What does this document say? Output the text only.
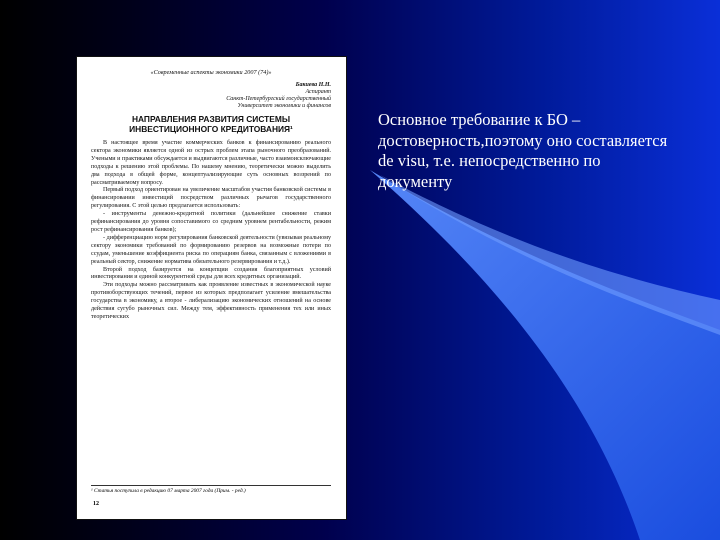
«Современные аспекты экономики 2007 (74)»
Бакиева Н.Н.
Аспирант
Санкт-Петербургский государственный
Университет экономики и финансов
НАПРАВЛЕНИЯ РАЗВИТИЯ СИСТЕМЫ
ИНВЕСТИЦИОННОГО КРЕДИТОВАНИЯ¹

В настоящее время участие коммерческих банков к финансированию реального сектора экономики является одной из острых проблем этапа рыночного преобразований. Учеными и практиками обсуждается и выдвигаются различные, часто взаимоисключающие подходы к решению этой проблемы. По нашему мнению, теоретически можно выделить два подхода в общей форме, концептуализирующие суть основных воззрений по рассматриваемому вопросу.

Первый подход ориентирован на увеличение масштабов участия банковской системы в финансировании инвестиций посредством различных рычагов государственного регулирования. С этой целью предлагается использовать:

- инструменты денежно-кредитной политики (дальнейшее снижение ставки рефинансирования до уровня сопоставимого со средним уровнем рентабельности, режим рост рефинансирования банков);

- дифференциацию норм регулирования банковской деятельности (увязывая реальному сектору экономики требований по формированию резервов на возможные потери по ссудам, уменьшение коэффициента риска по операциям банка, связанным с вложениями в реальный сектор, снижение норматива обязательного резервирования и т.д.).

Второй подход базируется на концепции создания благоприятных условий инвестирования и единой конкурентной среды для всех кредитных организаций.

Эти подходы можно рассматривать как проявление известных в экономической науке противоборствующих течений, первое из которых предполагает усиление вмешательства государства в экономику, а второе - либерализацию экономических отношений на основе действия сугубо рыночных сил. Между тем, эффективность применения тех или иных теоретических

¹ Статья поступила в редакцию 07 марта 2007 года (Прим. - ред.)
12
Основное требование к БО – достоверность,поэтому оно составляется de visu, т.е. непосредственно по документу
